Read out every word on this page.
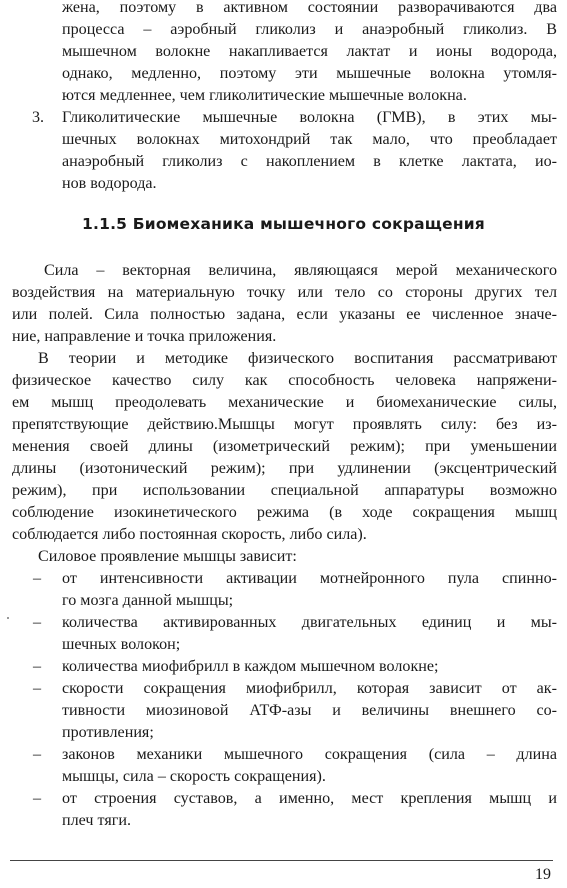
жена, поэтому в активном состоянии разворачиваются два
процесса – аэробный гликолиз и анаэробный гликолиз. В
мышечном волокне накапливается лактат и ионы водорода,
однако, медленно, поэтому эти мышечные волокна утомля-
ются медленнее, чем гликолитические мышечные волокна.
3. Гликолитические мышечные волокна (ГМВ), в этих мы-
шечных волокнах митохондрий так мало, что преобладает
анаэробный гликолиз с накоплением в клетке лактата, ио-
нов водорода.
1.1.5 Биомеханика мышечного сокращения
Сила – векторная величина, являющаяся мерой механического
воздействия на материальную точку или тело со стороны других тел
или полей. Сила полностью задана, если указаны ее численное значе-
ние, направление и точка приложения.
В теории и методике физического воспитания рассматривают
физическое качество силу как способность человека напряжени-
ем мышц преодолевать механические и биомеханические силы,
препятствующие действию.Мышцы могут проявлять силу: без из-
менения своей длины (изометрический режим); при уменьшении
длины (изотонический режим); при удлинении (эксцентрический
режим), при использовании специальной аппаратуры возможно
соблюдение изокинетического режима (в ходе сокращения мышц
соблюдается либо постоянная скорость, либо сила).
Силовое проявление мышцы зависит:
– от интенсивности активации мотнейронного пула спинно-
го мозга данной мышцы;
– количества активированных двигательных единиц и мы-
шечных волокон;
– количества миофибрилл в каждом мышечном волокне;
– скорости сокращения миофибрилл, которая зависит от ак-
тивности миозиновой АТФ-азы и величины внешнего со-
противления;
– законов механики мышечного сокращения (сила – длина
мышцы, сила – скорость сокращения).
– от строения суставов, а именно, мест крепления мышц и
плеч тяги.
19
